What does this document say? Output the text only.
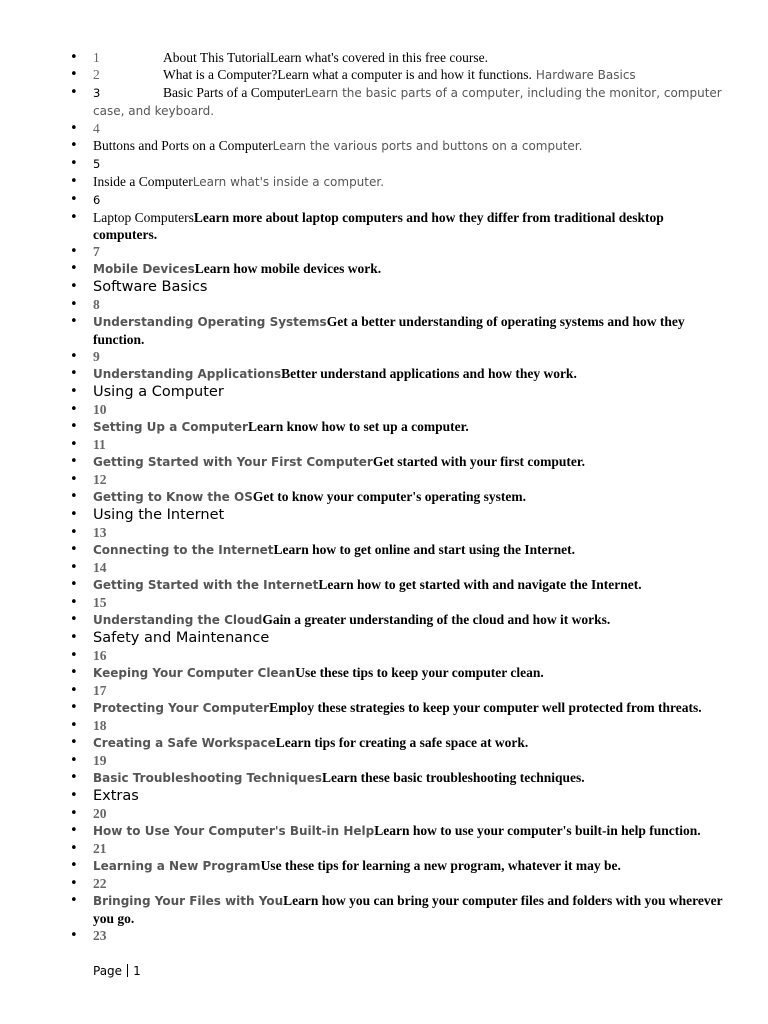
• 1	About This TutorialLearn what's covered in this free course.
• 2	What is a Computer?Learn what a computer is and how it functions. Hardware Basics
• 3	Basic Parts of a ComputerLearn the basic parts of a computer, including the monitor, computer case, and keyboard.
• 4
• Buttons and Ports on a ComputerLearn the various ports and buttons on a computer.
• 5
• Inside a ComputerLearn what's inside a computer.
• 6
• Laptop ComputersLearn more about laptop computers and how they differ from traditional desktop computers.
• 7
• Mobile DevicesLearn how mobile devices work.
• Software Basics
• 8
• Understanding Operating SystemsGet a better understanding of operating systems and how they function.
• 9
• Understanding ApplicationsBetter understand applications and how they work.
• Using a Computer
• 10
• Setting Up a ComputerLearn know how to set up a computer.
• 11
• Getting Started with Your First ComputerGet started with your first computer.
• 12
• Getting to Know the OSGet to know your computer's operating system.
• Using the Internet
• 13
• Connecting to the InternetLearn how to get online and start using the Internet.
• 14
• Getting Started with the InternetLearn how to get started with and navigate the Internet.
• 15
• Understanding the CloudGain a greater understanding of the cloud and how it works.
• Safety and Maintenance
• 16
• Keeping Your Computer CleanUse these tips to keep your computer clean.
• 17
• Protecting Your ComputerEmploy these strategies to keep your computer well protected from threats.
• 18
• Creating a Safe WorkspaceLearn tips for creating a safe space at work.
• 19
• Basic Troubleshooting TechniquesLearn these basic troubleshooting techniques.
• Extras
• 20
• How to Use Your Computer's Built-in HelpLearn how to use your computer's built-in help function.
• 21
• Learning a New ProgramUse these tips for learning a new program, whatever it may be.
• 22
• Bringing Your Files with YouLearn how you can bring your computer files and folders with you wherever you go.
• 23
Page 1
